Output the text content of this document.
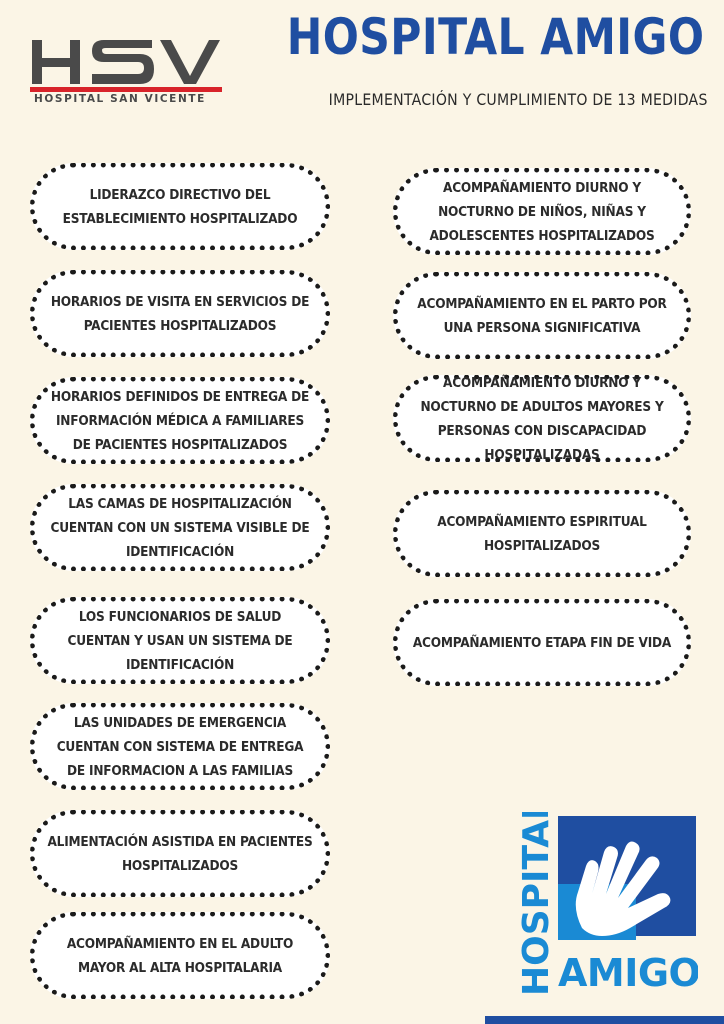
HOSPITAL SAN VICENTE
HOSPITAL AMIGO

IMPLEMENTACIÓN Y CUMPLIMIENTO DE 13 MEDIDAS

LIDERAZCO DIRECTIVO DEL ESTABLECIMIENTO HOSPITALIZADO
HORARIOS DE VISITA EN SERVICIOS DE PACIENTES HOSPITALIZADOS
HORARIOS DEFINIDOS DE ENTREGA DE INFORMACIÓN MÉDICA A FAMILIARES DE PACIENTES HOSPITALIZADOS
LAS CAMAS DE HOSPITALIZACIÓN CUENTAN CON UN SISTEMA VISIBLE DE IDENTIFICACIÓN
LOS FUNCIONARIOS DE SALUD CUENTAN Y USAN UN SISTEMA DE IDENTIFICACIÓN
LAS UNIDADES DE EMERGENCIA CUENTAN CON SISTEMA DE ENTREGA DE INFORMACION A LAS FAMILIAS
ALIMENTACIÓN ASISTIDA EN PACIENTES HOSPITALIZADOS
ACOMPAÑAMIENTO EN EL ADULTO MAYOR AL ALTA HOSPITALARIA
ACOMPAÑAMIENTO DIURNO Y NOCTURNO DE NIÑOS, NIÑAS Y ADOLESCENTES HOSPITALIZADOS
ACOMPAÑAMIENTO EN EL PARTO POR UNA PERSONA SIGNIFICATIVA
ACOMPAÑAMIENTO DIURNO Y NOCTURNO DE ADULTOS MAYORES Y PERSONAS CON DISCAPACIDAD HOSPITALIZADAS
ACOMPAÑAMIENTO ESPIRITUAL HOSPITALIZADOS
ACOMPAÑAMIENTO ETAPA FIN DE VIDA
HOSPITAL AMIGO
